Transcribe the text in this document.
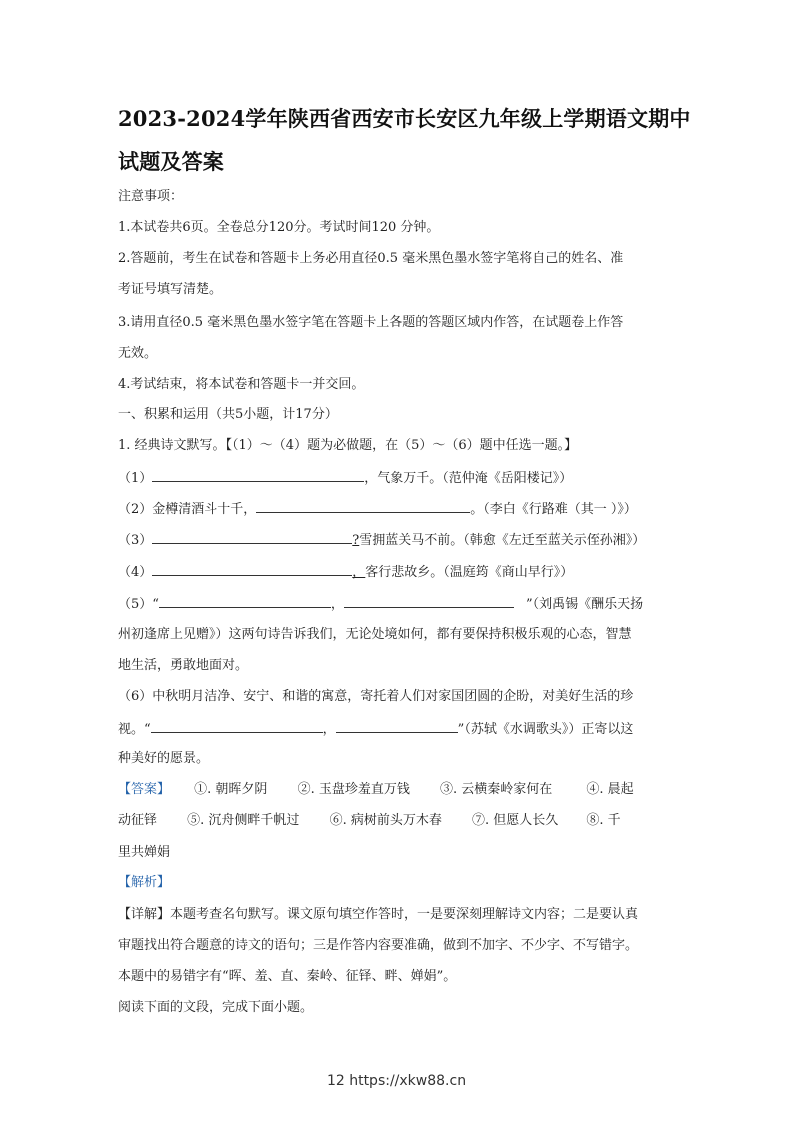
2023-2024学年陕西省西安市长安区九年级上学期语文期中
试题及答案
注意事项：
1.本试卷共6页。全卷总分120分。考试时间120 分钟。
2.答题前，考生在试卷和答题卡上务必用直径0.5 毫米黑色墨水签字笔将自己的姓名、准
考证号填写清楚。
3.请用直径0.5 毫米黑色墨水签字笔在答题卡上各题的答题区域内作答，在试题卷上作答
无效。
4.考试结束，将本试卷和答题卡一并交回。
一、积累和运用（共5小题，计17分）
1. 经典诗文默写。【（1）～（4）题为必做题，在（5）～（6）题中任选一题。】
（1）	，气象万千。（范仲淹《岳阳楼记》）
（2）金樽清酒斗十千，	。（李白《行路难（其一 ）》）
（3）	?雪拥蓝关马不前。（韩愈《左迁至蓝关示侄孙湘》）
（4）	，客行悲故乡。（温庭筠《商山早行》）
（5）“	，	”（刘禹锡《酬乐天扬
州初逢席上见赠》）这两句诗告诉我们，无论处境如何，都有要保持积极乐观的心态，智慧
地生活，勇敢地面对。
（6）中秋明月洁净、安宁、和谐的寓意，寄托着人们对家国团圆的企盼，对美好生活的珍
视。“	，	”（苏轼《水调歌头》）正寄以这
种美好的愿景。
【答案】 ①. 朝晖夕阴 ②. 玉盘珍羞直万钱 ③. 云横秦岭家何在	④. 晨起
动征铎 ⑤. 沉舟侧畔千帆过 ⑥. 病树前头万木春 ⑦. 但愿人长久 ⑧. 千
里共婵娟
【解析】
【详解】本题考查名句默写。课文原句填空作答时，一是要深刻理解诗文内容；二是要认真
审题找出符合题意的诗文的语句；三是作答内容要准确，做到不加字、不少字、不写错字。
本题中的易错字有“晖、羞、直、秦岭、征铎、畔、婵娟”。
阅读下面的文段，完成下面小题。
12 https://xkw88.cn
